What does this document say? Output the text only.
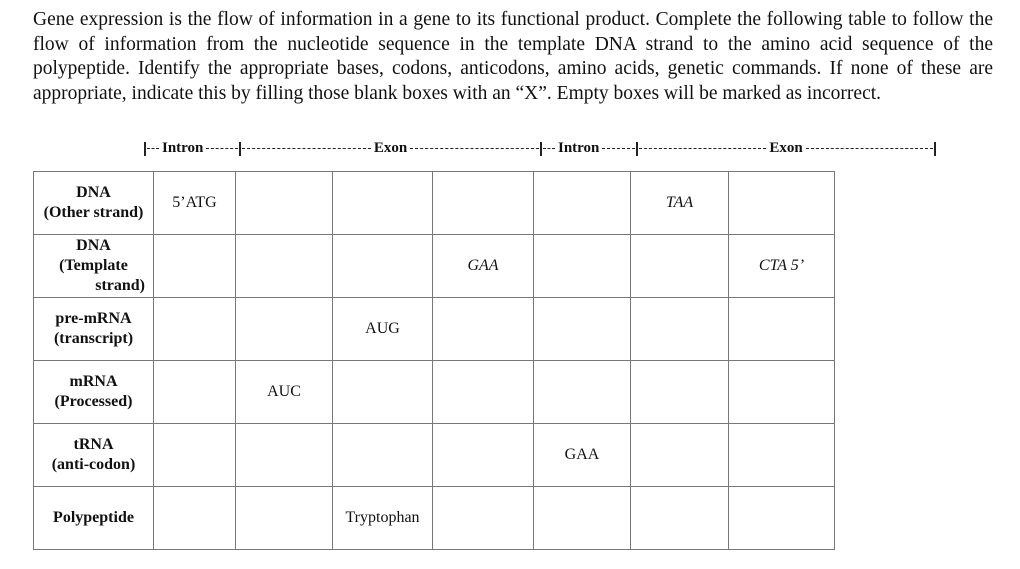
Gene expression is the flow of information in a gene to its functional product. Complete the following table to follow the flow of information from the nucleotide sequence in the template DNA strand to the amino acid sequence of the polypeptide. Identify the appropriate bases, codons, anticodons, amino acids, genetic commands. If none of these are appropriate, indicate this by filling those blank boxes with an “X”. Empty boxes will be marked as incorrect.

Intron	Exon	Intron	Exon
DNA
(Other strand)	5’ATG					TAA	

DNA
(Template
strand)				GAA			CTA 5’

pre-mRNA
(transcript)			AUG				

mRNA
(Processed)		AUC					

tRNA
(anti-codon)					GAA		

Polypeptide			Tryptophan				
